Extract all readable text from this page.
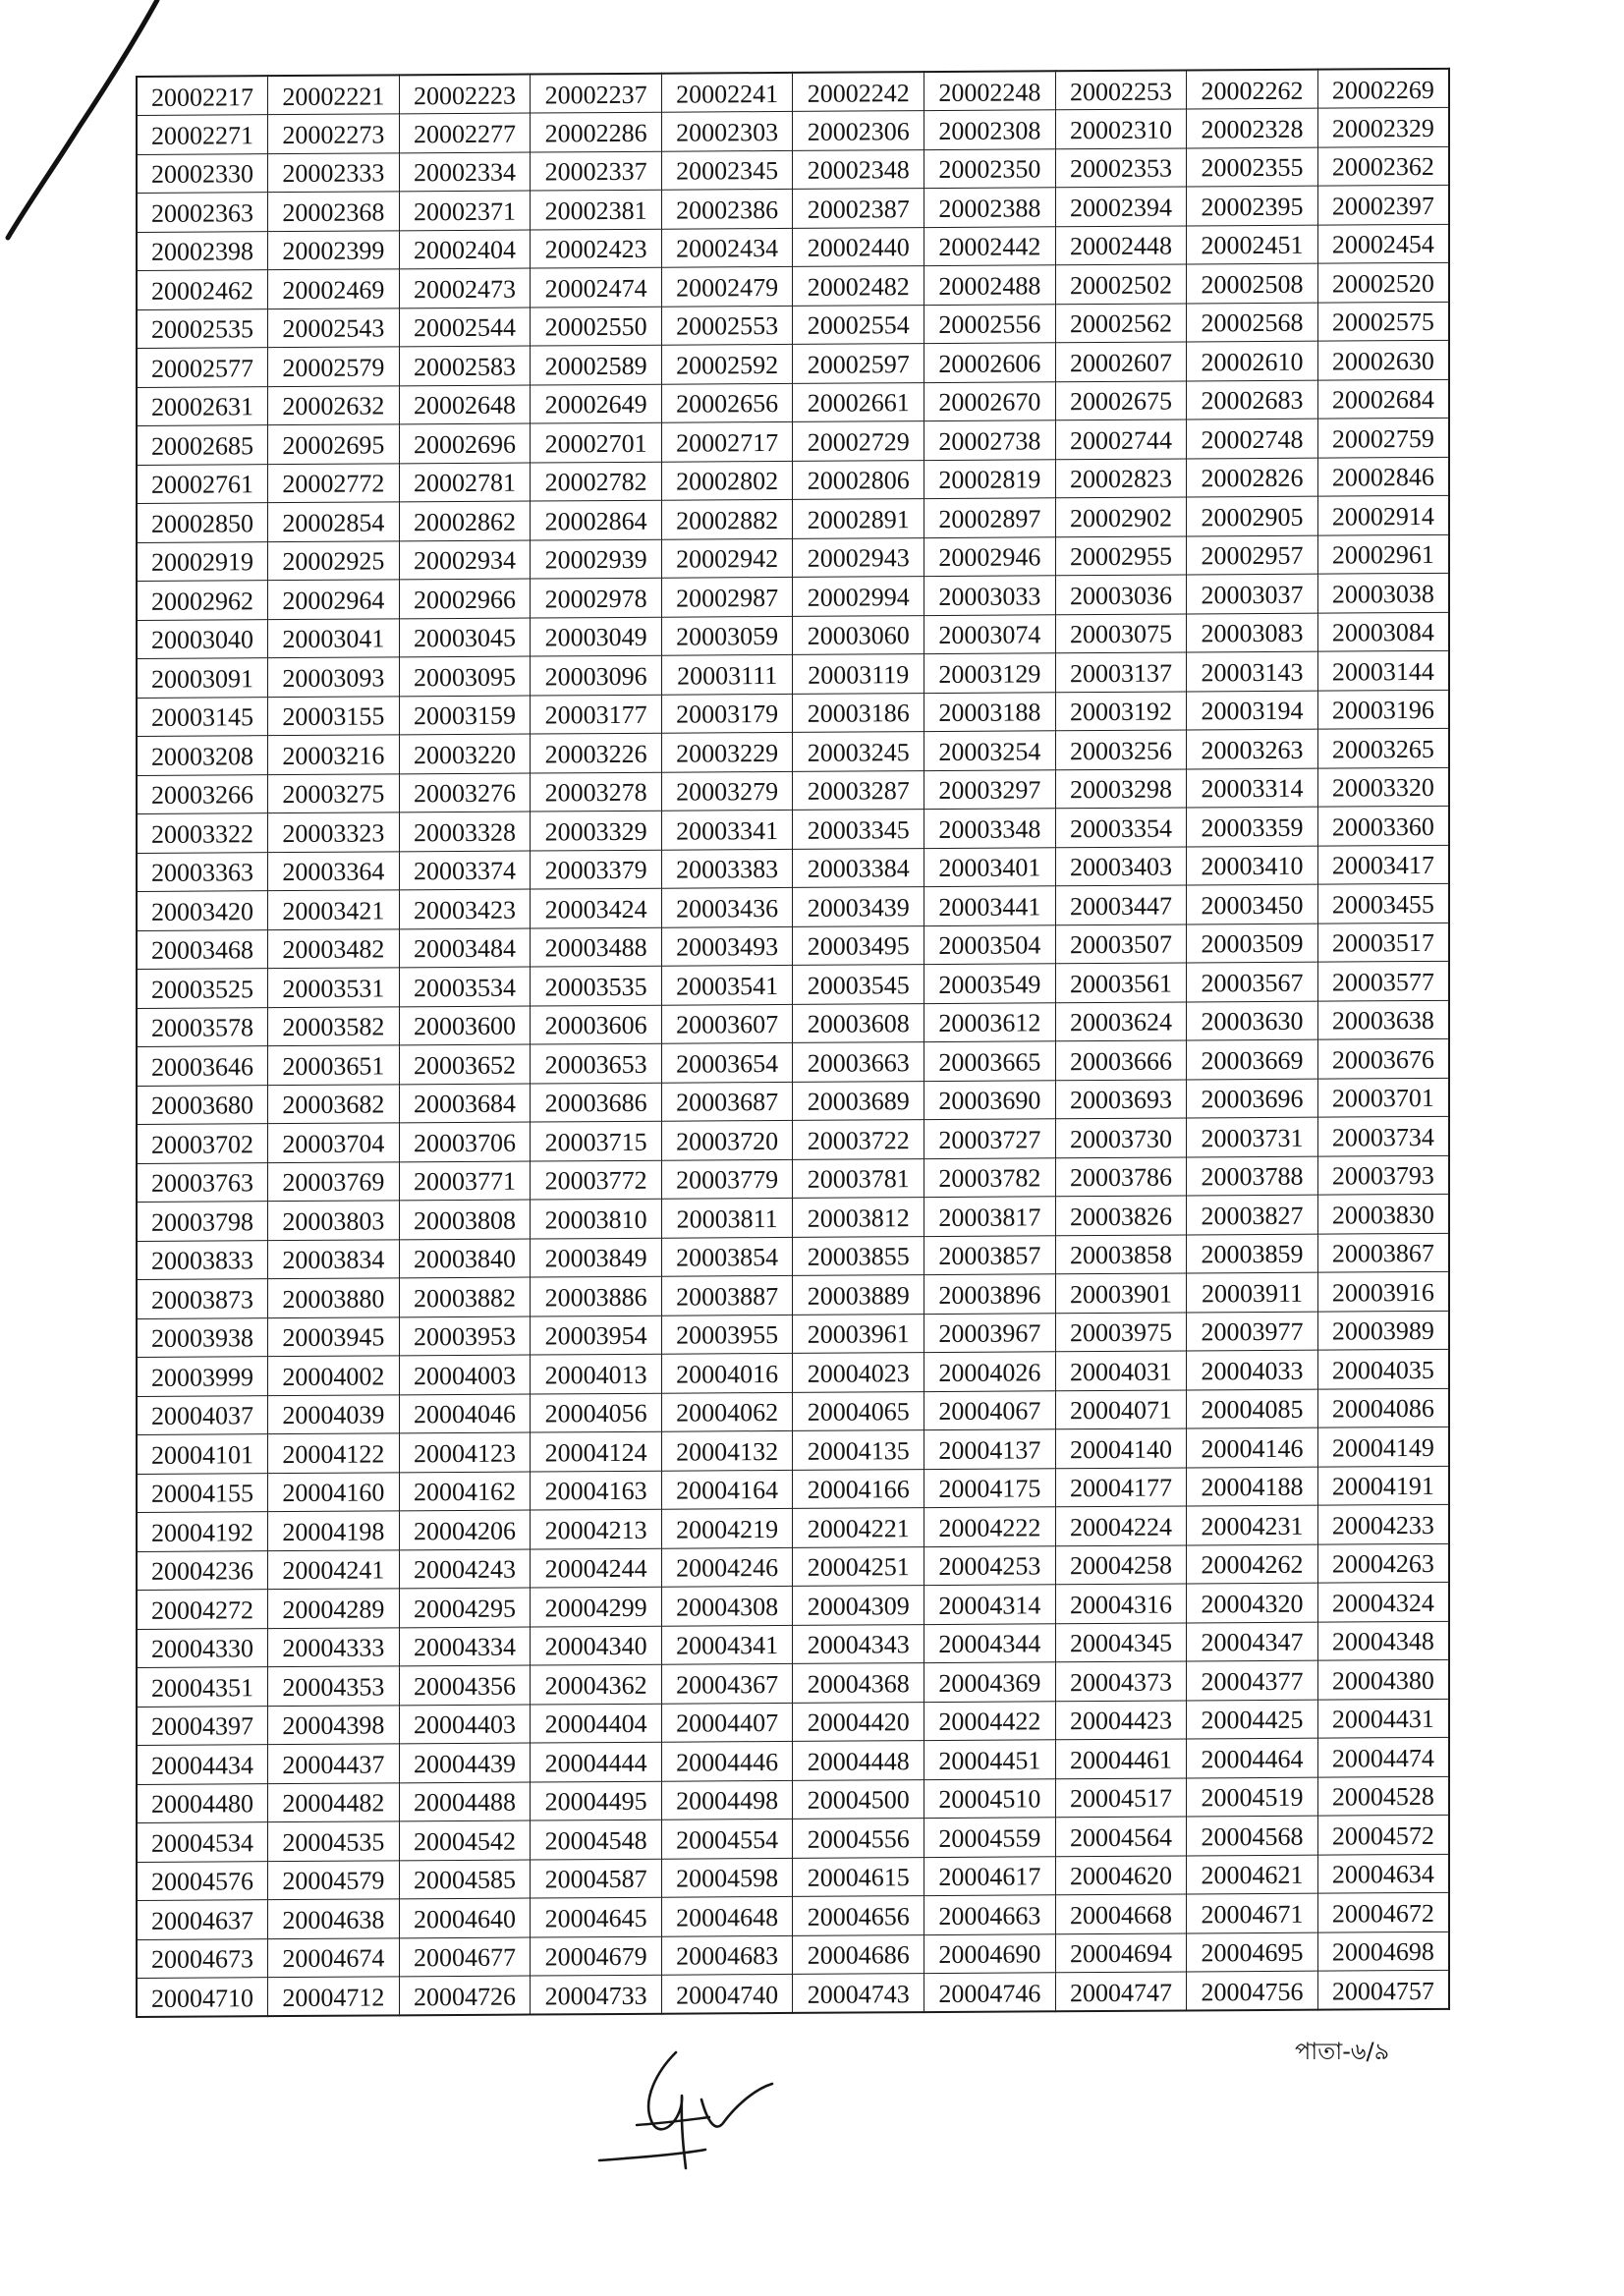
20002217	20002221	20002223	20002237	20002241	20002242	20002248	20002253	20002262	20002269
20002271	20002273	20002277	20002286	20002303	20002306	20002308	20002310	20002328	20002329
20002330	20002333	20002334	20002337	20002345	20002348	20002350	20002353	20002355	20002362
20002363	20002368	20002371	20002381	20002386	20002387	20002388	20002394	20002395	20002397
20002398	20002399	20002404	20002423	20002434	20002440	20002442	20002448	20002451	20002454
20002462	20002469	20002473	20002474	20002479	20002482	20002488	20002502	20002508	20002520
20002535	20002543	20002544	20002550	20002553	20002554	20002556	20002562	20002568	20002575
20002577	20002579	20002583	20002589	20002592	20002597	20002606	20002607	20002610	20002630
20002631	20002632	20002648	20002649	20002656	20002661	20002670	20002675	20002683	20002684
20002685	20002695	20002696	20002701	20002717	20002729	20002738	20002744	20002748	20002759
20002761	20002772	20002781	20002782	20002802	20002806	20002819	20002823	20002826	20002846
20002850	20002854	20002862	20002864	20002882	20002891	20002897	20002902	20002905	20002914
20002919	20002925	20002934	20002939	20002942	20002943	20002946	20002955	20002957	20002961
20002962	20002964	20002966	20002978	20002987	20002994	20003033	20003036	20003037	20003038
20003040	20003041	20003045	20003049	20003059	20003060	20003074	20003075	20003083	20003084
20003091	20003093	20003095	20003096	20003111	20003119	20003129	20003137	20003143	20003144
20003145	20003155	20003159	20003177	20003179	20003186	20003188	20003192	20003194	20003196
20003208	20003216	20003220	20003226	20003229	20003245	20003254	20003256	20003263	20003265
20003266	20003275	20003276	20003278	20003279	20003287	20003297	20003298	20003314	20003320
20003322	20003323	20003328	20003329	20003341	20003345	20003348	20003354	20003359	20003360
20003363	20003364	20003374	20003379	20003383	20003384	20003401	20003403	20003410	20003417
20003420	20003421	20003423	20003424	20003436	20003439	20003441	20003447	20003450	20003455
20003468	20003482	20003484	20003488	20003493	20003495	20003504	20003507	20003509	20003517
20003525	20003531	20003534	20003535	20003541	20003545	20003549	20003561	20003567	20003577
20003578	20003582	20003600	20003606	20003607	20003608	20003612	20003624	20003630	20003638
20003646	20003651	20003652	20003653	20003654	20003663	20003665	20003666	20003669	20003676
20003680	20003682	20003684	20003686	20003687	20003689	20003690	20003693	20003696	20003701
20003702	20003704	20003706	20003715	20003720	20003722	20003727	20003730	20003731	20003734
20003763	20003769	20003771	20003772	20003779	20003781	20003782	20003786	20003788	20003793
20003798	20003803	20003808	20003810	20003811	20003812	20003817	20003826	20003827	20003830
20003833	20003834	20003840	20003849	20003854	20003855	20003857	20003858	20003859	20003867
20003873	20003880	20003882	20003886	20003887	20003889	20003896	20003901	20003911	20003916
20003938	20003945	20003953	20003954	20003955	20003961	20003967	20003975	20003977	20003989
20003999	20004002	20004003	20004013	20004016	20004023	20004026	20004031	20004033	20004035
20004037	20004039	20004046	20004056	20004062	20004065	20004067	20004071	20004085	20004086
20004101	20004122	20004123	20004124	20004132	20004135	20004137	20004140	20004146	20004149
20004155	20004160	20004162	20004163	20004164	20004166	20004175	20004177	20004188	20004191
20004192	20004198	20004206	20004213	20004219	20004221	20004222	20004224	20004231	20004233
20004236	20004241	20004243	20004244	20004246	20004251	20004253	20004258	20004262	20004263
20004272	20004289	20004295	20004299	20004308	20004309	20004314	20004316	20004320	20004324
20004330	20004333	20004334	20004340	20004341	20004343	20004344	20004345	20004347	20004348
20004351	20004353	20004356	20004362	20004367	20004368	20004369	20004373	20004377	20004380
20004397	20004398	20004403	20004404	20004407	20004420	20004422	20004423	20004425	20004431
20004434	20004437	20004439	20004444	20004446	20004448	20004451	20004461	20004464	20004474
20004480	20004482	20004488	20004495	20004498	20004500	20004510	20004517	20004519	20004528
20004534	20004535	20004542	20004548	20004554	20004556	20004559	20004564	20004568	20004572
20004576	20004579	20004585	20004587	20004598	20004615	20004617	20004620	20004621	20004634
20004637	20004638	20004640	20004645	20004648	20004656	20004663	20004668	20004671	20004672
20004673	20004674	20004677	20004679	20004683	20004686	20004690	20004694	20004695	20004698
20004710	20004712	20004726	20004733	20004740	20004743	20004746	20004747	20004756	20004757
পাতা-৬/৯
